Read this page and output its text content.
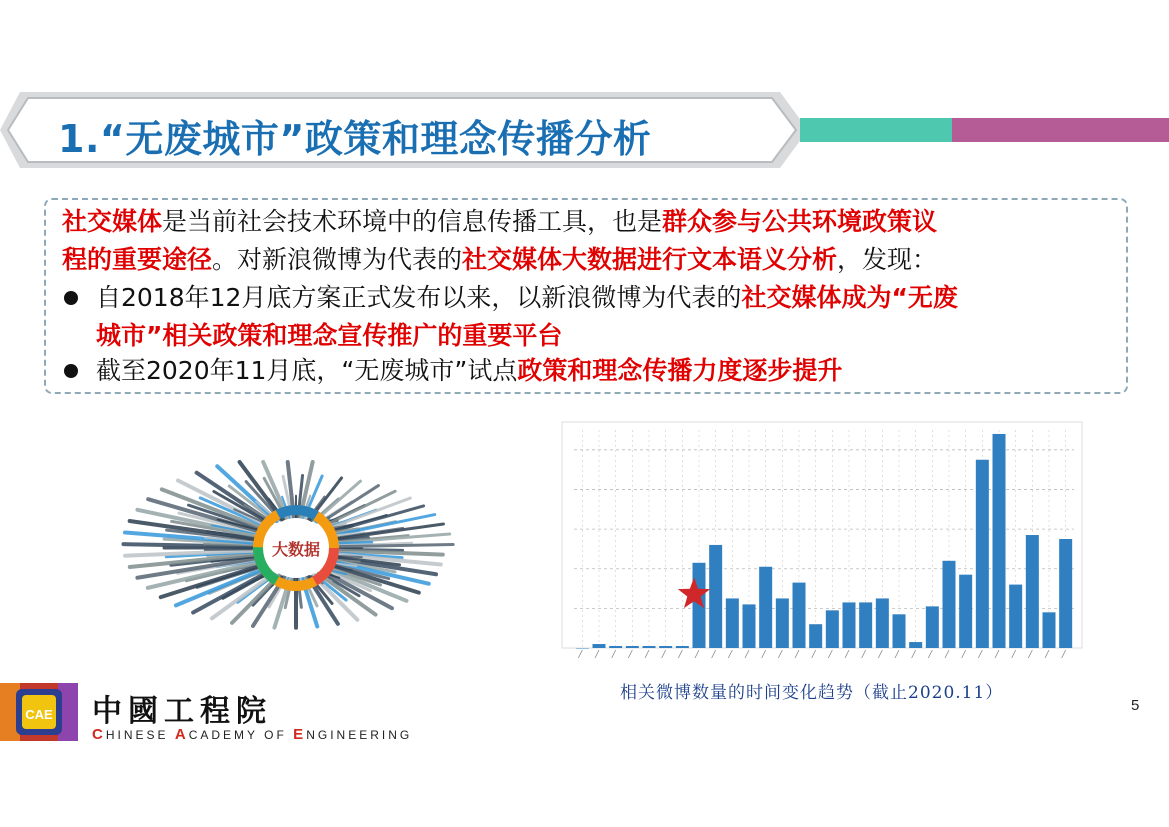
1.“无废城市”政策和理念传播分析
社交媒体是当前社会技术环境中的信息传播工具，也是群众参与公共环境政策议
程的重要途径。对新浪微博为代表的社交媒体大数据进行文本语义分析，发现：
自2018年12月底方案正式发布以来，以新浪微博为代表的社交媒体成为“无废
城市”相关政策和理念宣传推广的重要平台
截至2020年11月底，“无废城市”试点政策和理念传播力度逐步提升
大数据
相关微博数量的时间变化趋势（截止2020.11）
CAE 中國工程院
CHINESE ACADEMY OF ENGINEERING
5
